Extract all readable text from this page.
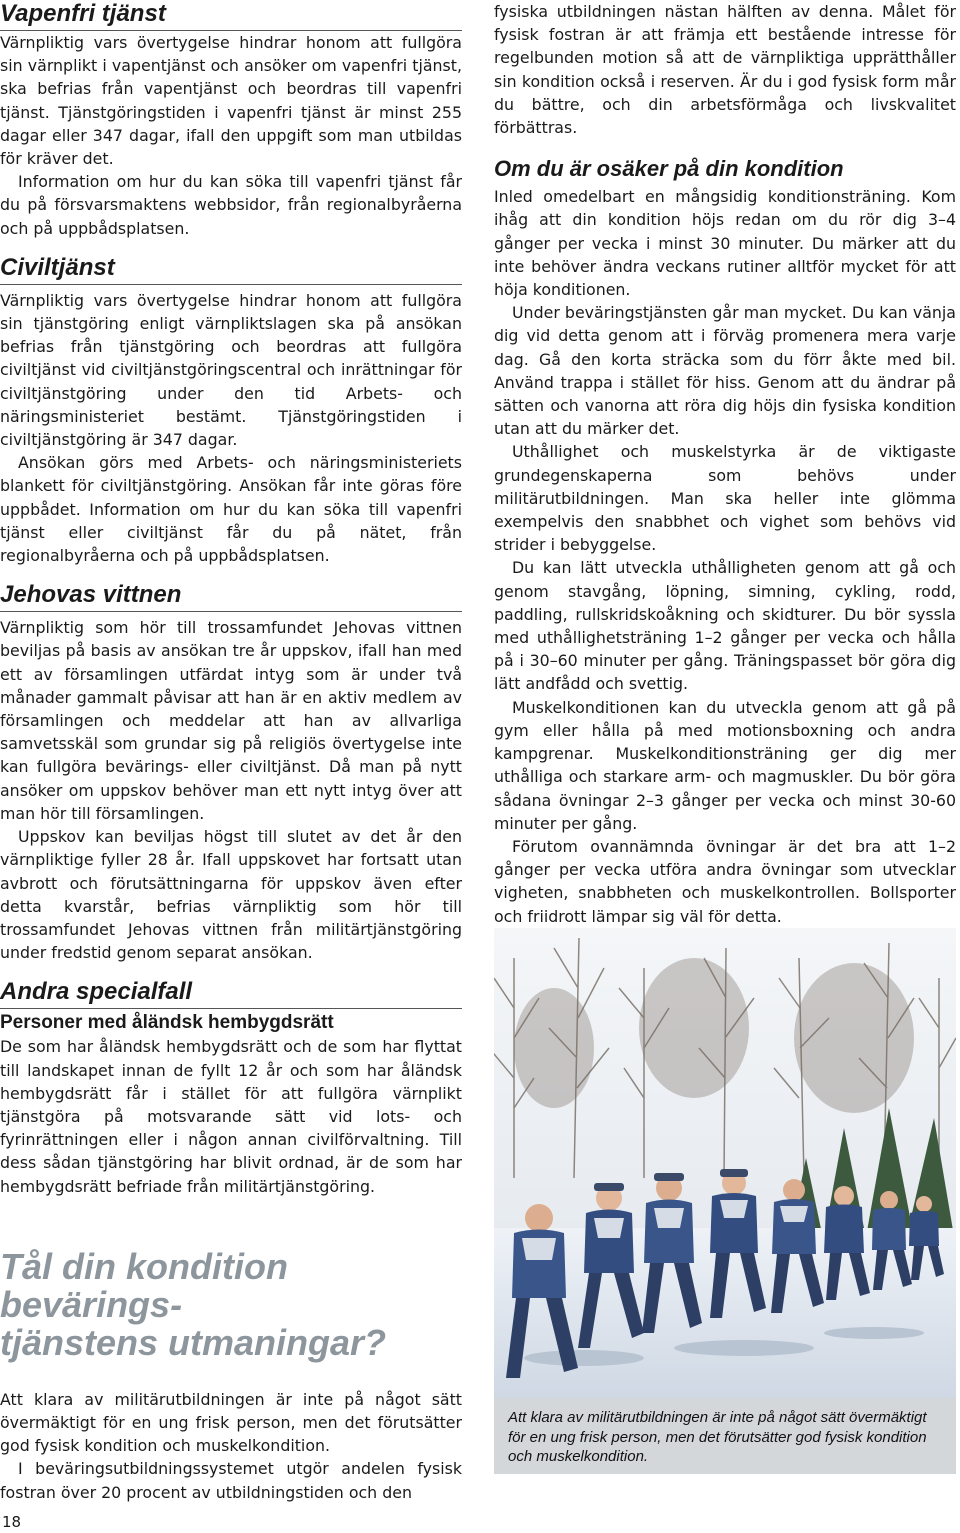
Vapenfri tjänst

Värnpliktig vars övertygelse hindrar honom att fullgöra sin värnplikt i vapentjänst och ansöker om vapenfri tjänst, ska befrias från vapentjänst och beordras till vapenfri tjänst. Tjänstgöringstiden i vapenfri tjänst är minst 255 dagar eller 347 dagar, ifall den uppgift som man utbildas för kräver det.

Information om hur du kan söka till vapenfri tjänst får du på försvarsmaktens webbsidor, från regionalbyråerna och på uppbådsplatsen.

Civiltjänst

Värnpliktig vars övertygelse hindrar honom att fullgöra sin tjänstgöring enligt värnpliktslagen ska på ansökan befrias från tjänstgöring och beordras att fullgöra civiltjänst vid civiltjänstgöringscentral och inrättningar för civiltjänstgöring under den tid Arbets- och näringsministeriet bestämt. Tjänstgöringstiden i civiltjänstgöring är 347 dagar.

Ansökan görs med Arbets- och näringsministeriets blankett för civiltjänstgöring. Ansökan får inte göras före uppbådet. Information om hur du kan söka till vapenfri tjänst eller civiltjänst får du på nätet, från regionalbyråerna och på uppbådsplatsen.

Jehovas vittnen

Värnpliktig som hör till trossamfundet Jehovas vittnen beviljas på basis av ansökan tre år uppskov, ifall han med ett av församlingen utfärdat intyg som är under två månader gammalt påvisar att han är en aktiv medlem av församlingen och meddelar att han av allvarliga samvetsskäl som grundar sig på religiös övertygelse inte kan fullgöra bevärings- eller civiltjänst. Då man på nytt ansöker om uppskov behöver man ett nytt intyg över att man hör till församlingen.

Uppskov kan beviljas högst till slutet av det år den värnpliktige fyller 28 år. Ifall uppskovet har fortsatt utan avbrott och förutsättningarna för uppskov även efter detta kvarstår, befrias värnpliktig som hör till trossamfundet Jehovas vittnen från militärtjänstgöring under fredstid genom separat ansökan.

Andra specialfall
Personer med åländsk hembygdsrätt

De som har åländsk hembygdsrätt och de som har flyttat till landskapet innan de fyllt 12 år och som har åländsk hembygdsrätt får i stället för att fullgöra värnplikt tjänstgöra på motsvarande sätt vid lots- och fyrinrättningen eller i någon annan civilförvaltning. Till dess sådan tjänstgöring har blivit ordnad, är de som har hembygdsrätt befriade från militärtjänstgöring.

Tål din kondition bevärings-
tjänstens utmaningar?

Att klara av militärutbildningen är inte på något sätt övermäktigt för en ung frisk person, men det förutsätter god fysisk kondition och muskelkondition.

I beväringsutbildningssystemet utgör andelen fysisk fostran över 20 procent av utbildningstiden och den

fysiska utbildningen nästan hälften av denna. Målet för fysisk fostran är att främja ett bestående intresse för regelbunden motion så att de värnpliktiga upprätthåller sin kondition också i reserven. Är du i god fysisk form mår du bättre, och din arbetsförmåga och livskvalitet förbättras.

Om du är osäker på din kondition

Inled omedelbart en mångsidig konditionsträning. Kom ihåg att din kondition höjs redan om du rör dig 3–4 gånger per vecka i minst 30 minuter. Du märker att du inte behöver ändra veckans rutiner alltför mycket för att höja konditionen.

Under beväringstjänsten går man mycket. Du kan vänja dig vid detta genom att i förväg promenera mera varje dag. Gå den korta sträcka som du förr åkte med bil. Använd trappa i stället för hiss. Genom att du ändrar på sätten och vanorna att röra dig höjs din fysiska kondition utan att du märker det.

Uthållighet och muskelstyrka är de viktigaste grundegenskaperna som behövs under militärutbildningen. Man ska heller inte glömma exempelvis den snabbhet och vighet som behövs vid strider i bebyggelse.

Du kan lätt utveckla uthålligheten genom att gå och genom stavgång, löpning, simning, cykling, rodd, paddling, rullskridskoåkning och skidturer. Du bör syssla med uthållighetsträning 1–2 gånger per vecka och hålla på i 30–60 minuter per gång. Träningspasset bör göra dig lätt andfådd och svettig.

Muskelkonditionen kan du utveckla genom att gå på gym eller hålla på med motionsboxning och andra kampgrenar. Muskelkonditionsträning ger dig mer uthålliga och starkare arm- och magmuskler. Du bör göra sådana övningar 2–3 gånger per vecka och minst 30-60 minuter per gång.

Förutom ovannämnda övningar är det bra att 1–2 gånger per vecka utföra andra övningar som utvecklar vigheten, snabbheten och muskelkontrollen. Bollsporter och friidrott lämpar sig väl för detta.

Att klara av militärutbildningen är inte på något sätt övermäktigt för en ung frisk person, men det förutsätter god fysisk kondition och muskelkondition.
18
